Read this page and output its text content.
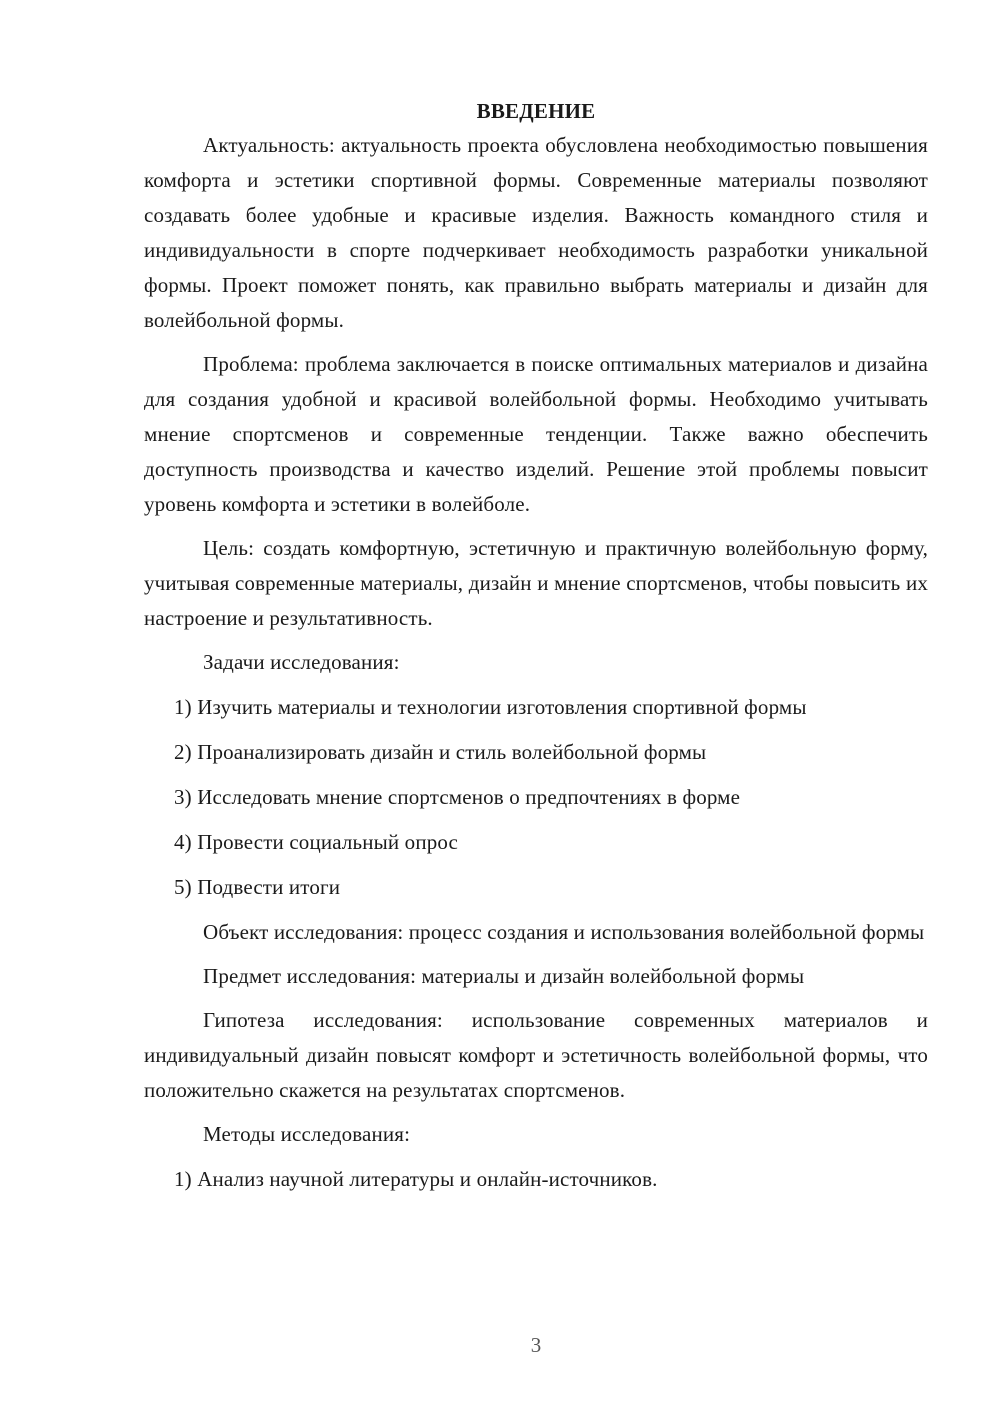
ВВЕДЕНИЕ

Актуальность: актуальность проекта обусловлена необходимостью повышения комфорта и эстетики спортивной формы. Современные материалы позволяют создавать более удобные и красивые изделия. Важность командного стиля и индивидуальности в спорте подчеркивает необходимость разработки уникальной формы. Проект поможет понять, как правильно выбрать материалы и дизайн для волейбольной формы.

Проблема: проблема заключается в поиске оптимальных материалов и дизайна для создания удобной и красивой волейбольной формы. Необходимо учитывать мнение спортсменов и современные тенденции. Также важно обеспечить доступность производства и качество изделий. Решение этой проблемы повысит уровень комфорта и эстетики в волейболе.

Цель: создать комфортную, эстетичную и практичную волейбольную форму, учитывая современные материалы, дизайн и мнение спортсменов, чтобы повысить их настроение и результативность.

Задачи исследования:
1) Изучить материалы и технологии изготовления спортивной формы
2) Проанализировать дизайн и стиль волейбольной формы
3) Исследовать мнение спортсменов о предпочтениях в форме
4) Провести социальный опрос
5) Подвести итоги

Объект исследования: процесс создания и использования волейбольной формы

Предмет исследования: материалы и дизайн волейбольной формы

Гипотеза исследования: использование современных материалов и индивидуальный дизайн повысят комфорт и эстетичность волейбольной формы, что положительно скажется на результатах спортсменов.

Методы исследования:
1) Анализ научной литературы и онлайн-источников.
3
